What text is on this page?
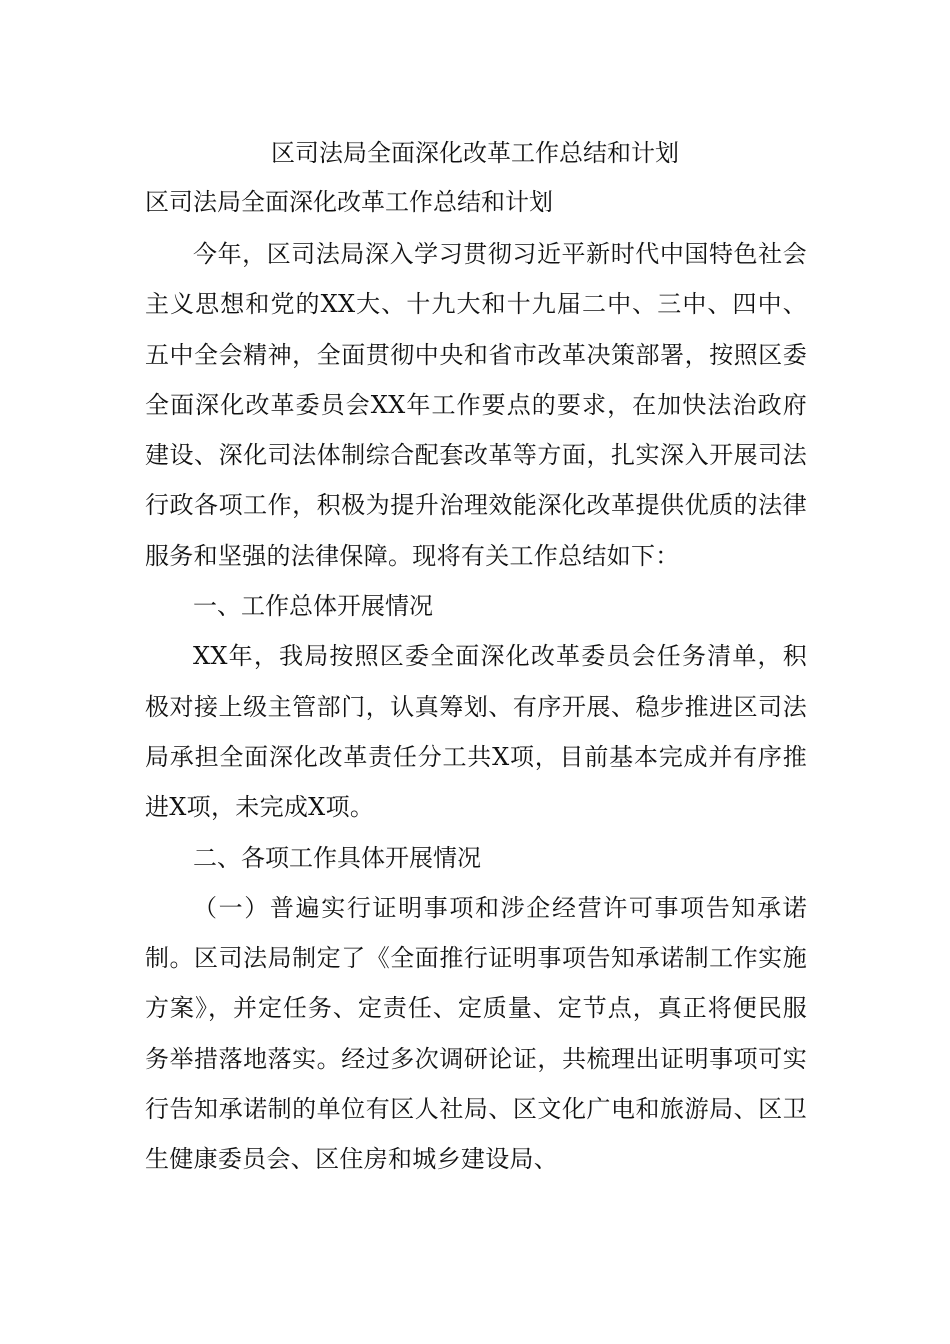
区司法局全面深化改革工作总结和计划
区司法局全面深化改革工作总结和计划

今年，区司法局深入学习贯彻习近平新时代中国特色社会主义思想和党的XX大、十九大和十九届二中、三中、四中、五中全会精神，全面贯彻中央和省市改革决策部署，按照区委全面深化改革委员会XX年工作要点的要求，在加快法治政府建设、深化司法体制综合配套改革等方面，扎实深入开展司法行政各项工作，积极为提升治理效能深化改革提供优质的法律服务和坚强的法律保障。现将有关工作总结如下：

一、工作总体开展情况

XX年，我局按照区委全面深化改革委员会任务清单，积极对接上级主管部门，认真筹划、有序开展、稳步推进区司法局承担全面深化改革责任分工共X项，目前基本完成并有序推进X项，未完成X项。

二、各项工作具体开展情况

（一）普遍实行证明事项和涉企经营许可事项告知承诺制。区司法局制定了《全面推行证明事项告知承诺制工作实施方案》，并定任务、定责任、定质量、定节点，真正将便民服务举措落地落实。经过多次调研论证，共梳理出证明事项可实行告知承诺制的单位有区人社局、区文化广电和旅游局、区卫生健康委员会、区住房和城乡建设局、
